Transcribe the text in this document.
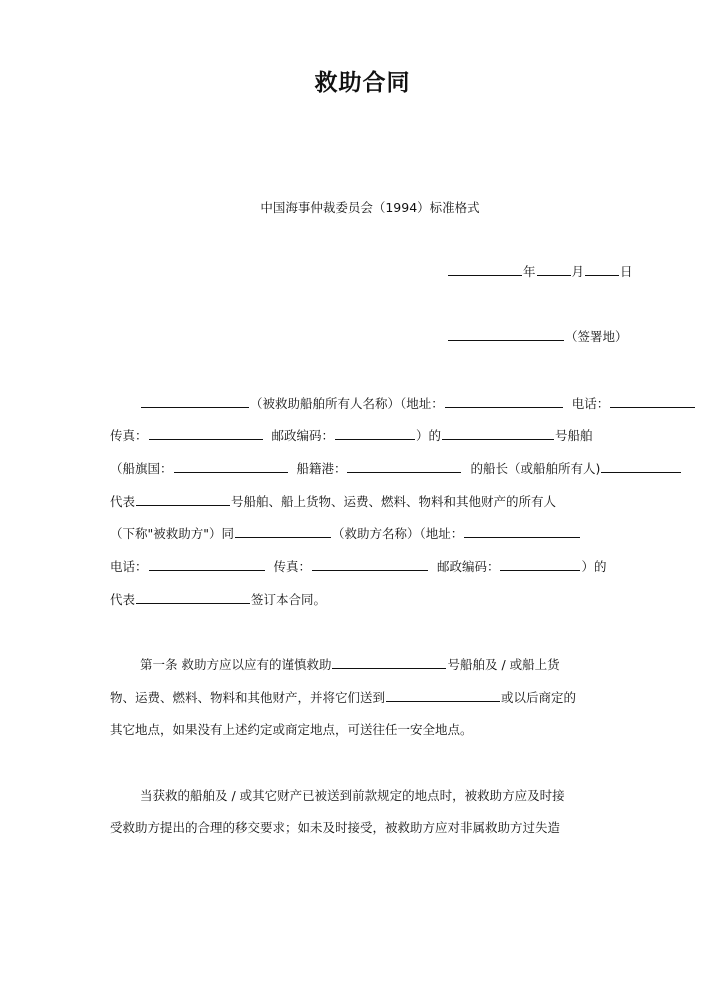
救助合同
中国海事仲裁委员会（1994）标准格式
年	月	日
（签署地）
（被救助船舶所有人名称）（地址：	电话：
传真：	邮政编码：	）的	号船舶
（船旗国：	船籍港：	的船长（或船舶所有人)
代表	号船舶、船上货物、运费、燃料、物料和其他财产的所有人
（下称"被救助方"）同	（救助方名称）（地址：
电话：	传真：	邮政编码：	）的
代表	签订本合同。
第一条 救助方应以应有的谨慎救助	号船舶及 / 或船上货
物、运费、燃料、物料和其他财产，并将它们送到	或以后商定的
其它地点，如果没有上述约定或商定地点，可送往任一安全地点。
当获救的船舶及 / 或其它财产已被送到前款规定的地点时，被救助方应及时接
受救助方提出的合理的移交要求；如未及时接受，被救助方应对非属救助方过失造
